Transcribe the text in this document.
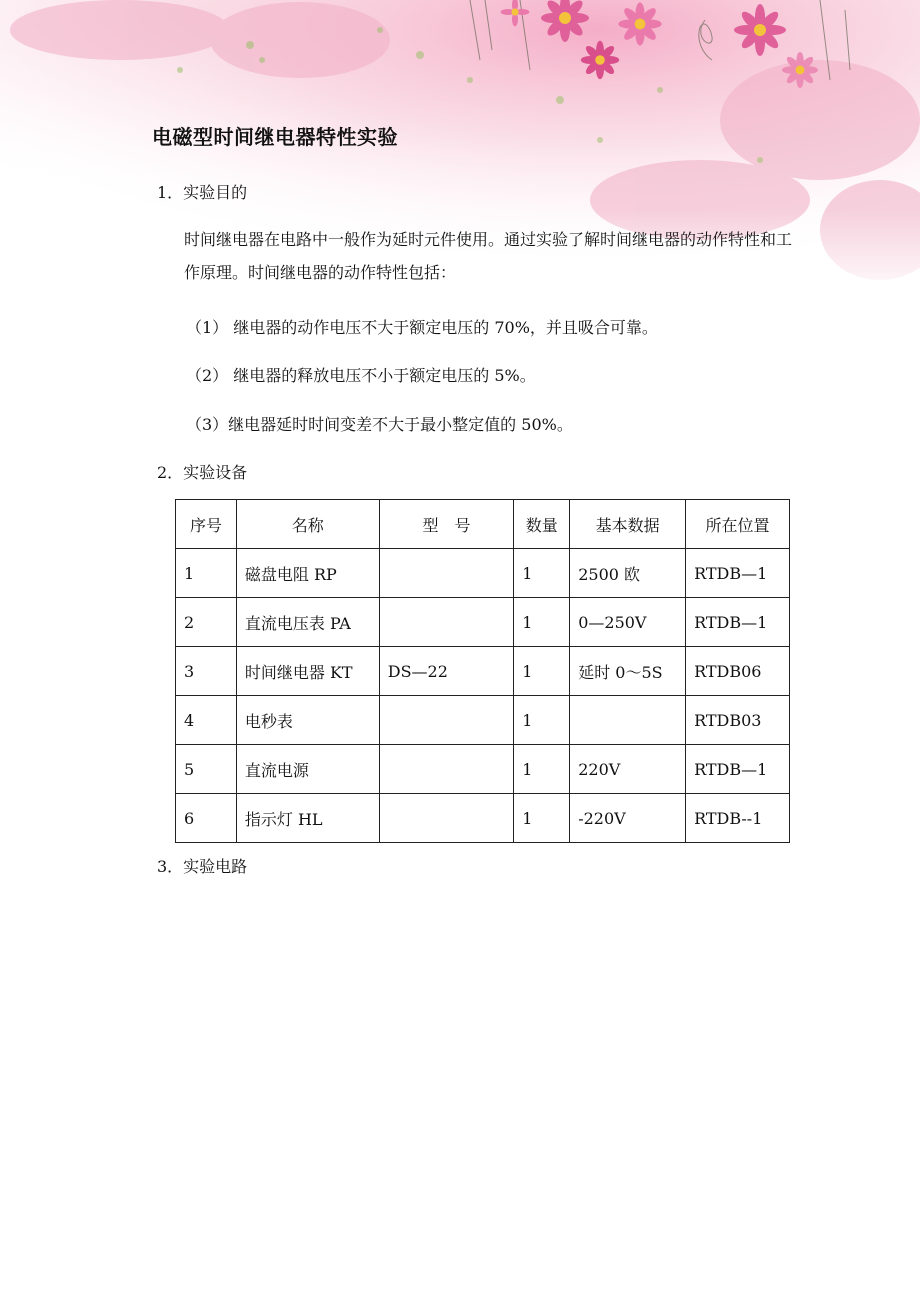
电磁型时间继电器特性实验
1．实验目的
时间继电器在电路中一般作为延时元件使用。通过实验了解时间继电器的动作特性和工作原理。时间继电器的动作特性包括：
（1） 继电器的动作电压不大于额定电压的 70%，并且吸合可靠。
（2） 继电器的释放电压不小于额定电压的 5%。
（3）继电器延时时间变差不大于最小整定值的 50%。
2．实验设备
序号	名称	型　号	数量	基本数据	所在位置
1	磁盘电阻 RP		1	2500 欧	RTDB—1
2	直流电压表 PA		1	0—250V	RTDB—1
3	时间继电器 KT	DS—22	1	延时 0～5S	RTDB06
4	电秒表		1		RTDB03
5	直流电源		1	220V	RTDB—1
6	指示灯 HL		1	-220V	RTDB--1
3．实验电路
